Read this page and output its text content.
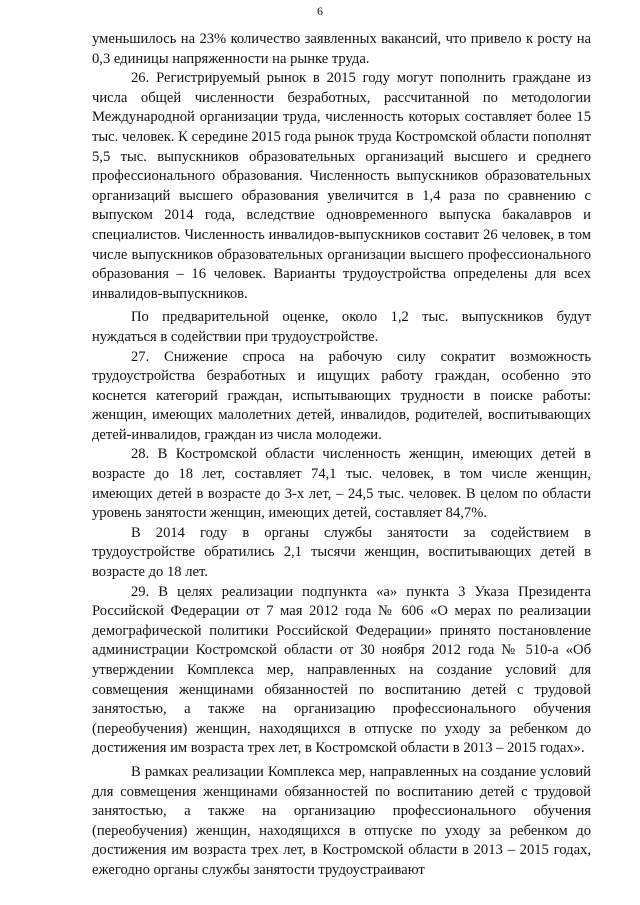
6

уменьшилось на 23% количество заявленных вакансий, что привело к росту на 0,3 единицы напряженности на рынке труда.

26. Регистрируемый рынок в 2015 году могут пополнить граждане из числа общей численности безработных, рассчитанной по методологии Международной организации труда, численность которых составляет более 15 тыс. человек. К середине 2015 года рынок труда Костромской области пополнят 5,5 тыс. выпускников образовательных организаций высшего и среднего профессионального образования. Численность выпускников образовательных организаций высшего образования увеличится в 1,4 раза по сравнению с выпуском 2014 года, вследствие одновременного выпуска бакалавров и специалистов. Численность инвалидов-выпускников составит 26 человек, в том числе выпускников образовательных организации высшего профессионального образования – 16 человек. Варианты трудоустройства определены для всех инвалидов-выпускников.

По предварительной оценке, около 1,2 тыс. выпускников будут нуждаться в содействии при трудоустройстве.

27. Снижение спроса на рабочую силу сократит возможность трудоустройства безработных и ищущих работу граждан, особенно это коснется категорий граждан, испытывающих трудности в поиске работы: женщин, имеющих малолетних детей, инвалидов, родителей, воспитывающих детей-инвалидов, граждан из числа молодежи.

28. В Костромской области численность женщин, имеющих детей в возрасте до 18 лет, составляет 74,1 тыс. человек, в том числе женщин, имеющих детей в возрасте до 3-х лет, – 24,5 тыс. человек. В целом по области уровень занятости женщин, имеющих детей, составляет 84,7%.

В 2014 году в органы службы занятости за содействием в трудоустройстве обратились 2,1 тысячи женщин, воспитывающих детей в возрасте до 18 лет.

29. В целях реализации подпункта «а» пункта 3 Указа Президента Российской Федерации от 7 мая 2012 года № 606 «О мерах по реализации демографической политики Российской Федерации» принято постановление администрации Костромской области от 30 ноября 2012 года № 510-а «Об утверждении Комплекса мер, направленных на создание условий для совмещения женщинами обязанностей по воспитанию детей с трудовой занятостью, а также на организацию профессионального обучения (переобучения) женщин, находящихся в отпуске по уходу за ребенком до достижения им возраста трех лет, в Костромской области в 2013 – 2015 годах».

В рамках реализации Комплекса мер, направленных на создание условий для совмещения женщинами обязанностей по воспитанию детей с трудовой занятостью, а также на организацию профессионального обучения (переобучения) женщин, находящихся в отпуске по уходу за ребенком до достижения им возраста трех лет, в Костромской области в 2013 – 2015 годах, ежегодно органы службы занятости трудоустраивают
